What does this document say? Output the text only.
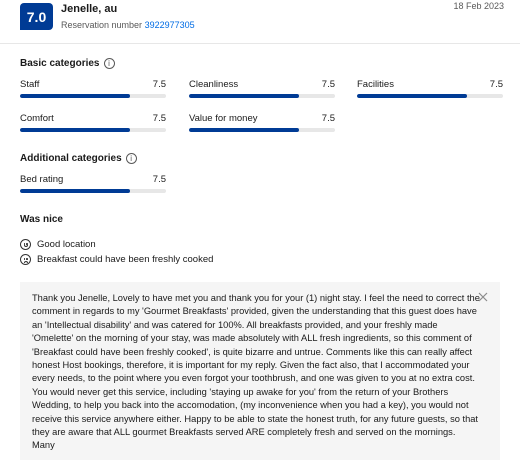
7.0	Jenelle, au
Reservation number 3922977305
18 Feb 2023
Basic categories	i
Staff	7.5 Cleanliness	7.5 Facilities	7.5
Comfort	7.5 Value for money	7.5
Additional categories	i
Bed rating	7.5
Was nice
Good location
Breakfast could have been freshly cooked
Thank you Jenelle, Lovely to have met you and thank you for your (1) night stay. I feel the need to correct the comment in regards to my 'Gourmet Breakfasts' provided, given the understanding that this guest does have an 'Intellectual disability' and was catered for 100%. All breakfasts provided, and your freshly made 'Omelette' on the morning of your stay, was made absolutely with ALL fresh ingredients, so this comment of 'Breakfast could have been freshly cooked', is quite bizarre and untrue. Comments like this can really affect honest Host bookings, therefore, it is important for my reply. Given the fact also, that I accommodated your every needs, to the point where you even forgot your toothbrush, and one was given to you at no extra cost. You would never get this service, including 'staying up awake for you' from the return of your Brothers Wedding, to help you back into the accomodation, (my inconvenience when you had a key), you would not receive this service anywhere either. Happy to be able to state the honest truth, for any future guests, so that they are aware that ALL gourmet Breakfasts served ARE completely fresh and served on the mornings. Many
